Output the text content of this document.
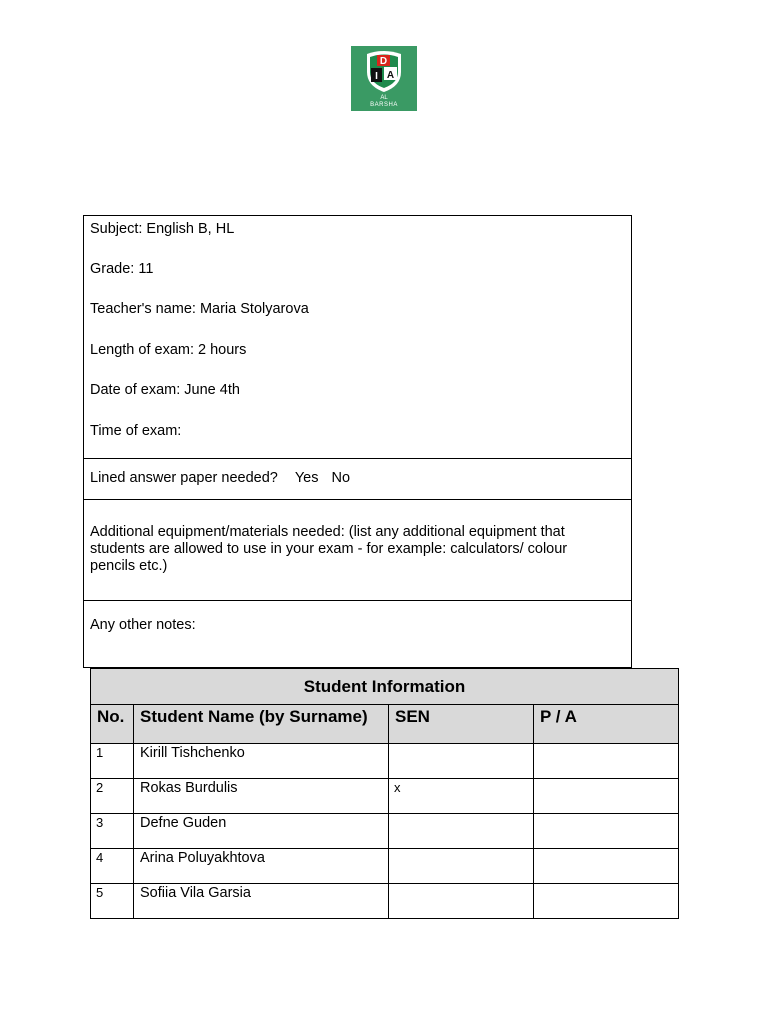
D
I A
AL
BARSHA
Subject: English B, HL
Grade: 11
Teacher's name: Maria Stolyarova
Length of exam: 2 hours
Date of exam: June 4th
Time of exam:
Lined answer paper needed? Yes No
Additional equipment/materials needed: (list any additional equipment that students are allowed to use in your exam - for example: calculators/ colour pencils etc.)
Any other notes:
Student Information			
No.	Student Name (by Surname)	SEN	P / A
1	Kirill Tishchenko		
2	Rokas Burdulis	x	
3	Defne Guden		
4	Arina Poluyakhtova		
5	Sofiia Vila Garsia		
